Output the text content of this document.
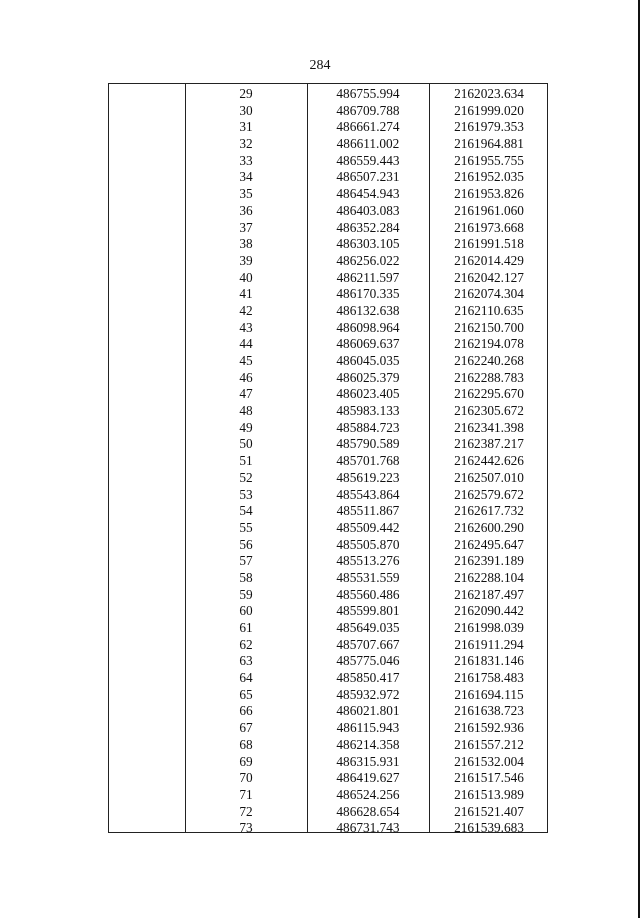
284
29	486755.994	2162023.634
30	486709.788	2161999.020
31	486661.274	2161979.353
32	486611.002	2161964.881
33	486559.443	2161955.755
34	486507.231	2161952.035
35	486454.943	2161953.826
36	486403.083	2161961.060
37	486352.284	2161973.668
38	486303.105	2161991.518
39	486256.022	2162014.429
40	486211.597	2162042.127
41	486170.335	2162074.304
42	486132.638	2162110.635
43	486098.964	2162150.700
44	486069.637	2162194.078
45	486045.035	2162240.268
46	486025.379	2162288.783
47	486023.405	2162295.670
48	485983.133	2162305.672
49	485884.723	2162341.398
50	485790.589	2162387.217
51	485701.768	2162442.626
52	485619.223	2162507.010
53	485543.864	2162579.672
54	485511.867	2162617.732
55	485509.442	2162600.290
56	485505.870	2162495.647
57	485513.276	2162391.189
58	485531.559	2162288.104
59	485560.486	2162187.497
60	485599.801	2162090.442
61	485649.035	2161998.039
62	485707.667	2161911.294
63	485775.046	2161831.146
64	485850.417	2161758.483
65	485932.972	2161694.115
66	486021.801	2161638.723
67	486115.943	2161592.936
68	486214.358	2161557.212
69	486315.931	2161532.004
70	486419.627	2161517.546
71	486524.256	2161513.989
72	486628.654	2161521.407
73	486731.743	2161539.683
